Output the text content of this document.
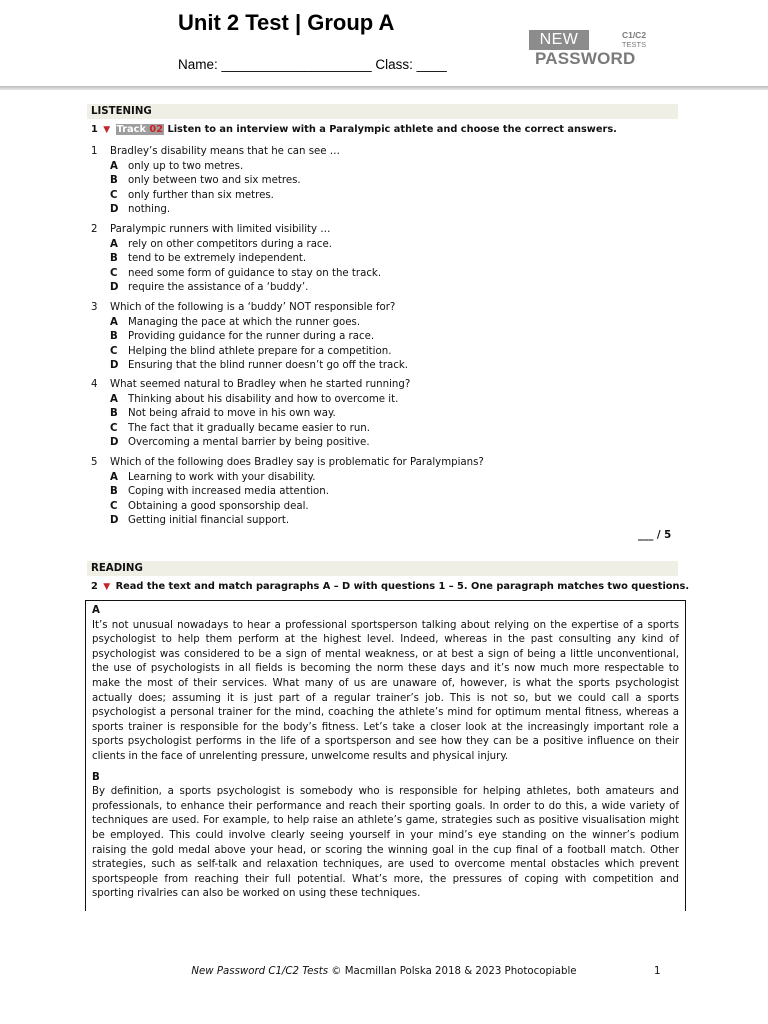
Unit 2 Test | Group A
Name: ____________________ Class: ____
NEW	C1/C2
TESTS
PASSWORD
LISTENING
1 ▼ Track 02 Listen to an interview with a Paralympic athlete and choose the correct answers.
1 Bradley’s disability means that he can see …
A only up to two metres.
B only between two and six metres.
C only further than six metres.
D nothing.
2 Paralympic runners with limited visibility …
A rely on other competitors during a race.
B tend to be extremely independent.
C need some form of guidance to stay on the track.
D require the assistance of a ‘buddy’.
3 Which of the following is a ‘buddy’ NOT responsible for?
A Managing the pace at which the runner goes.
B Providing guidance for the runner during a race.
C Helping the blind athlete prepare for a competition.
D Ensuring that the blind runner doesn’t go off the track.
4 What seemed natural to Bradley when he started running?
A Thinking about his disability and how to overcome it.
B Not being afraid to move in his own way.
C The fact that it gradually became easier to run.
D Overcoming a mental barrier by being positive.
5 Which of the following does Bradley say is problematic for Paralympians?
A Learning to work with your disability.
B Coping with increased media attention.
C Obtaining a good sponsorship deal.
D Getting initial financial support.
___ / 5
READING
2 ▼ Read the text and match paragraphs A – D with questions 1 – 5. One paragraph matches two questions.
A

It’s not unusual nowadays to hear a professional sportsperson talking about relying on the expertise of a sports psychologist to help them perform at the highest level. Indeed, whereas in the past consulting any kind of psychologist was considered to be a sign of mental weakness, or at best a sign of being a little unconventional, the use of psychologists in all fields is becoming the norm these days and it’s now much more respectable to make the most of their services. What many of us are unaware of, however, is what the sports psychologist actually does; assuming it is just part of a regular trainer’s job. This is not so, but we could call a sports psychologist a personal trainer for the mind, coaching the athlete’s mind for optimum mental fitness, whereas a sports trainer is responsible for the body’s fitness. Let’s take a closer look at the increasingly important role a sports psychologist performs in the life of a sportsperson and see how they can be a positive influence on their clients in the face of unrelenting pressure, unwelcome results and physical injury.

B

By definition, a sports psychologist is somebody who is responsible for helping athletes, both amateurs and professionals, to enhance their performance and reach their sporting goals. In order to do this, a wide variety of techniques are used. For example, to help raise an athlete’s game, strategies such as positive visualisation might be employed. This could involve clearly seeing yourself in your mind’s eye standing on the winner’s podium raising the gold medal above your head, or scoring the winning goal in the cup final of a football match. Other strategies, such as self-talk and relaxation techniques, are used to overcome mental obstacles which prevent sportspeople from reaching their full potential. What’s more, the pressures of coping with competition and sporting rivalries can also be worked on using these techniques.

New Password C1/C2 Tests © Macmillan Polska 2018 & 2023 Photocopiable	1
